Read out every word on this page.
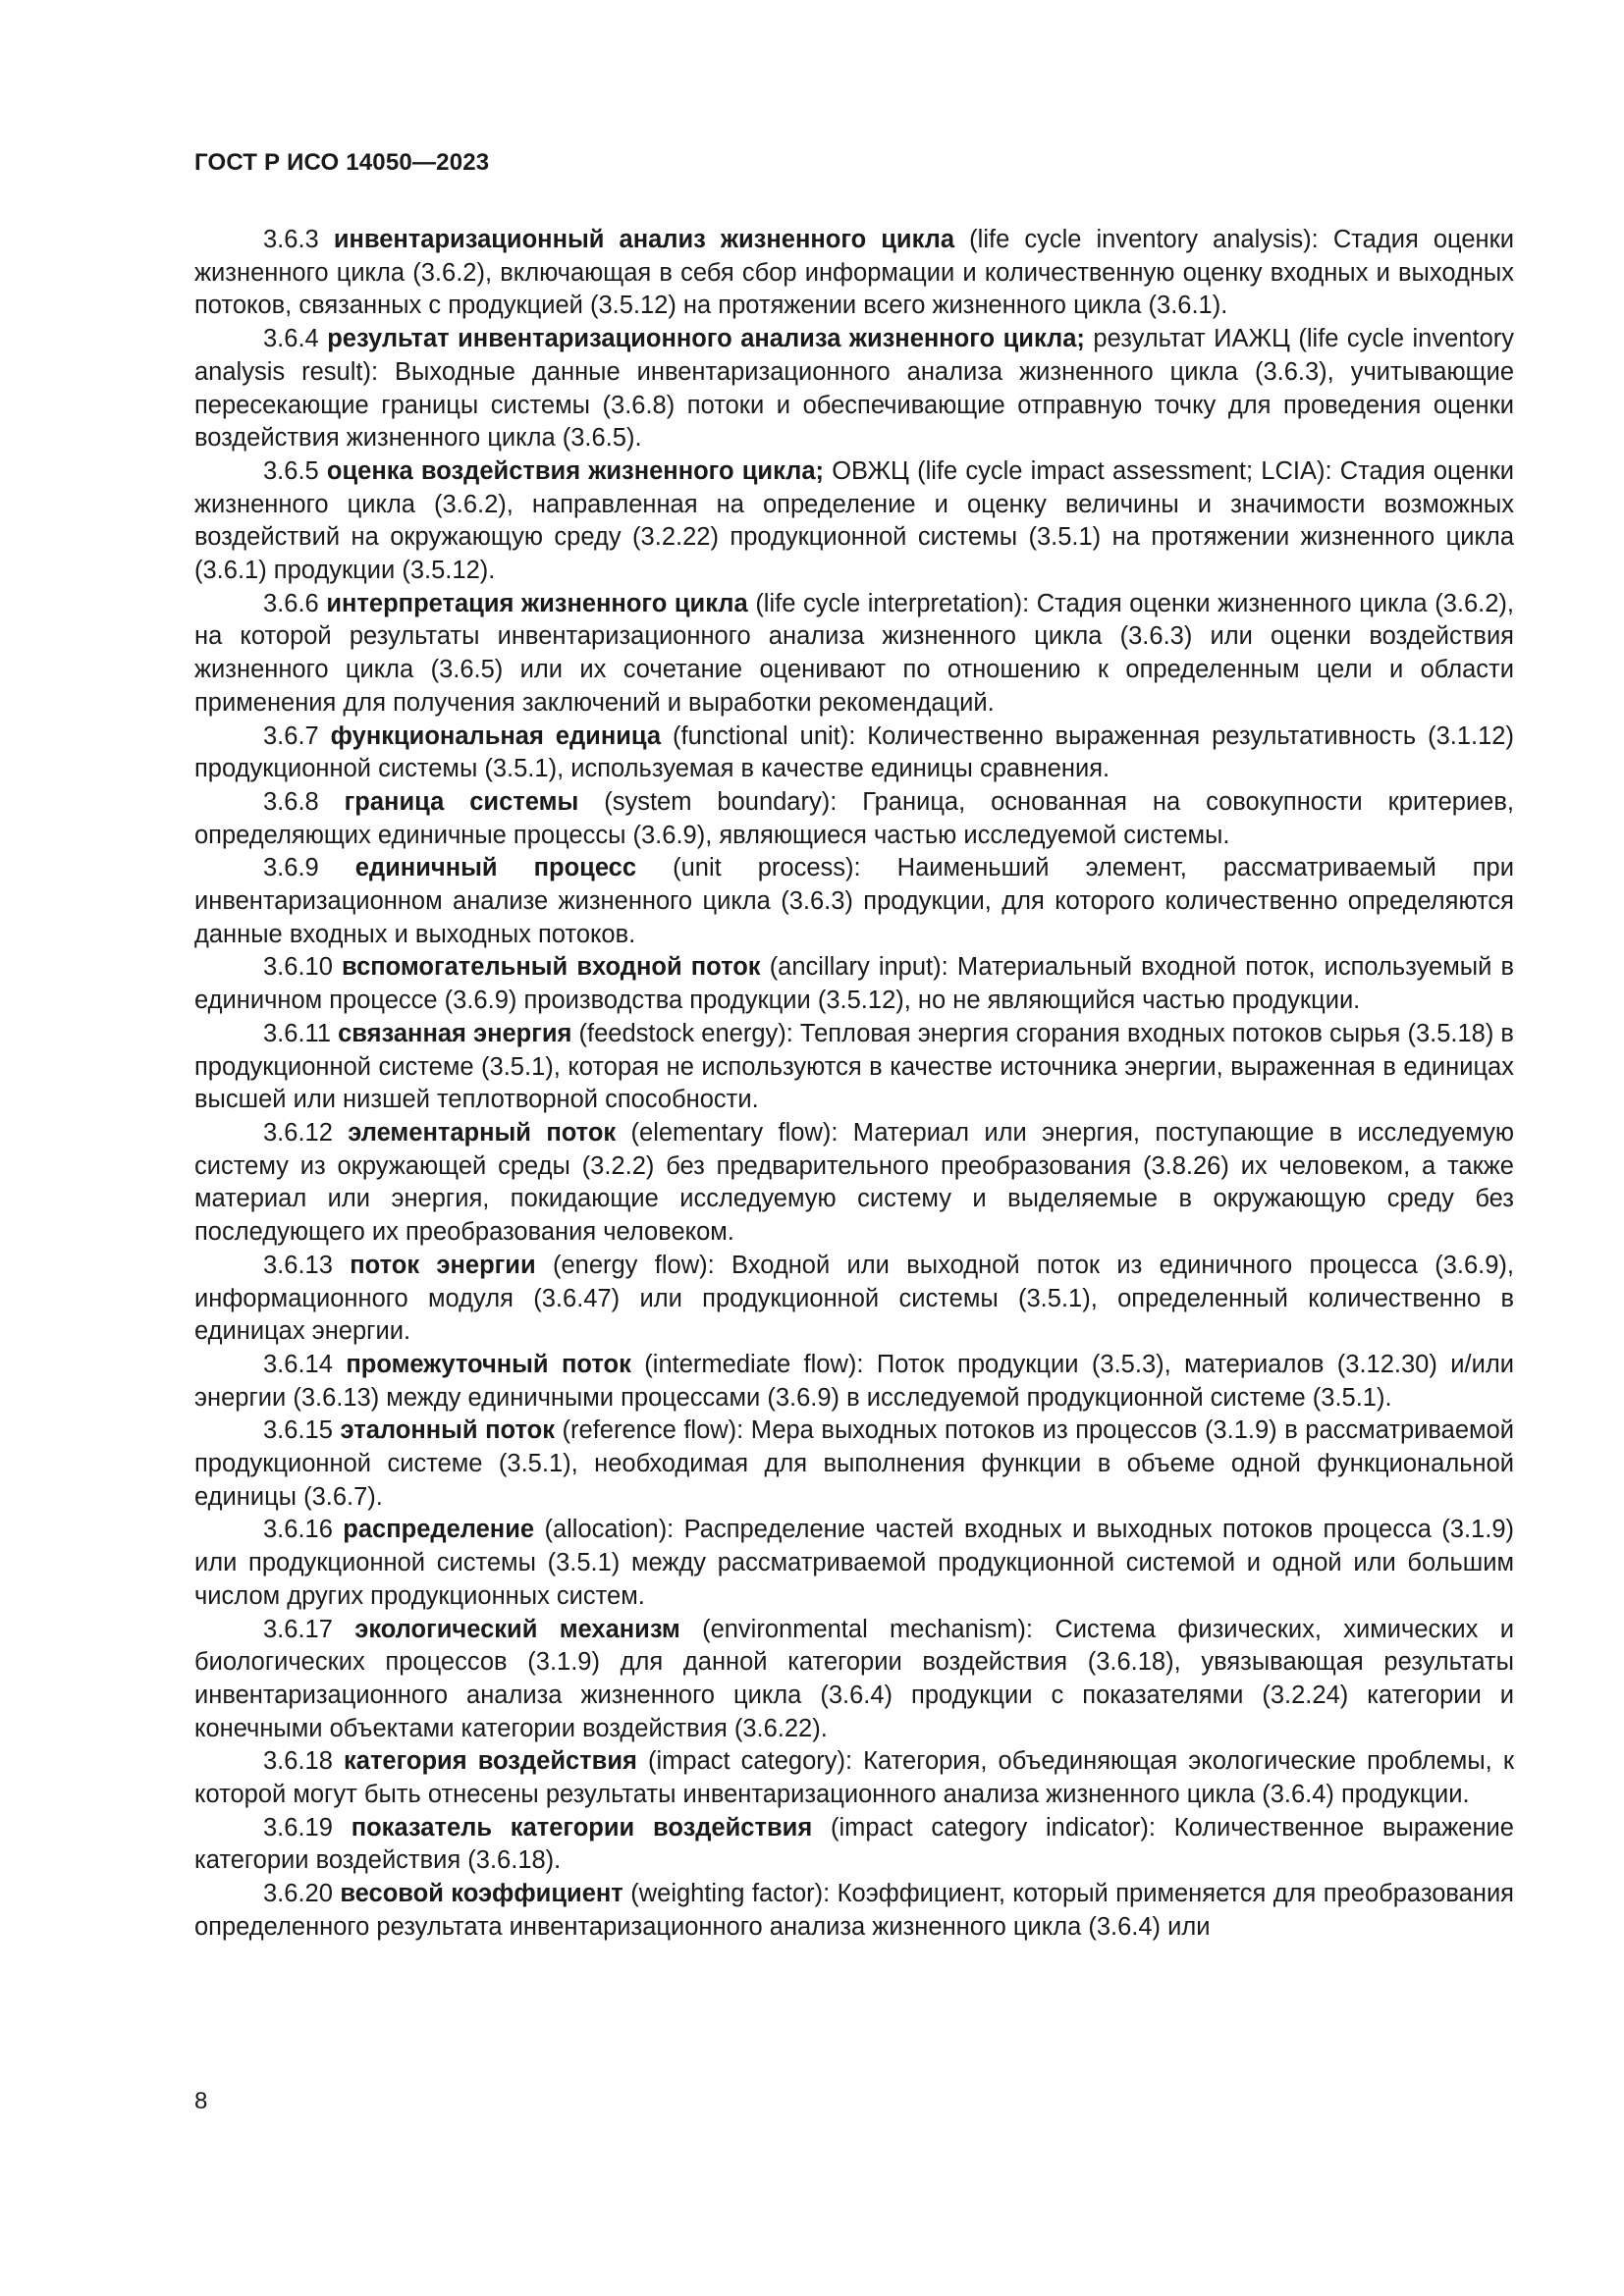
ГОСТ Р ИСО 14050—2023

3.6.3 инвентаризационный анализ жизненного цикла (life cycle inventory analysis): Стадия оценки жизненного цикла (3.6.2), включающая в себя сбор информации и количественную оценку входных и выходных потоков, связанных с продукцией (3.5.12) на протяжении всего жизненного цикла (3.6.1).

3.6.4 результат инвентаризационного анализа жизненного цикла; результат ИАЖЦ (life cycle inventory analysis result): Выходные данные инвентаризационного анализа жизненного цикла (3.6.3), учитывающие пересекающие границы системы (3.6.8) потоки и обеспечивающие отправную точку для проведения оценки воздействия жизненного цикла (3.6.5).

3.6.5 оценка воздействия жизненного цикла; ОВЖЦ (life cycle impact assessment; LCIA): Стадия оценки жизненного цикла (3.6.2), направленная на определение и оценку величины и значимости возможных воздействий на окружающую среду (3.2.22) продукционной системы (3.5.1) на протяжении жизненного цикла (3.6.1) продукции (3.5.12).

3.6.6 интерпретация жизненного цикла (life cycle interpretation): Стадия оценки жизненного цикла (3.6.2), на которой результаты инвентаризационного анализа жизненного цикла (3.6.3) или оценки воздействия жизненного цикла (3.6.5) или их сочетание оценивают по отношению к определенным цели и области применения для получения заключений и выработки рекомендаций.

3.6.7 функциональная единица (functional unit): Количественно выраженная результативность (3.1.12) продукционной системы (3.5.1), используемая в качестве единицы сравнения.

3.6.8 граница системы (system boundary): Граница, основанная на совокупности критериев, определяющих единичные процессы (3.6.9), являющиеся частью исследуемой системы.

3.6.9 единичный процесс (unit process): Наименьший элемент, рассматриваемый при инвентаризационном анализе жизненного цикла (3.6.3) продукции, для которого количественно определяются данные входных и выходных потоков.

3.6.10 вспомогательный входной поток (ancillary input): Материальный входной поток, используемый в единичном процессе (3.6.9) производства продукции (3.5.12), но не являющийся частью продукции.

3.6.11 связанная энергия (feedstock energy): Тепловая энергия сгорания входных потоков сырья (3.5.18) в продукционной системе (3.5.1), которая не используются в качестве источника энергии, выраженная в единицах высшей или низшей теплотворной способности.

3.6.12 элементарный поток (elementary flow): Материал или энергия, поступающие в исследуемую систему из окружающей среды (3.2.2) без предварительного преобразования (3.8.26) их человеком, а также материал или энергия, покидающие исследуемую систему и выделяемые в окружающую среду без последующего их преобразования человеком.

3.6.13 поток энергии (energy flow): Входной или выходной поток из единичного процесса (3.6.9), информационного модуля (3.6.47) или продукционной системы (3.5.1), определенный количественно в единицах энергии.

3.6.14 промежуточный поток (intermediate flow): Поток продукции (3.5.3), материалов (3.12.30) и/или энергии (3.6.13) между единичными процессами (3.6.9) в исследуемой продукционной системе (3.5.1).

3.6.15 эталонный поток (reference flow): Мера выходных потоков из процессов (3.1.9) в рассматриваемой продукционной системе (3.5.1), необходимая для выполнения функции в объеме одной функциональной единицы (3.6.7).

3.6.16 распределение (allocation): Распределение частей входных и выходных потоков процесса (3.1.9) или продукционной системы (3.5.1) между рассматриваемой продукционной системой и одной или большим числом других продукционных систем.

3.6.17 экологический механизм (environmental mechanism): Система физических, химических и биологических процессов (3.1.9) для данной категории воздействия (3.6.18), увязывающая результаты инвентаризационного анализа жизненного цикла (3.6.4) продукции с показателями (3.2.24) категории и конечными объектами категории воздействия (3.6.22).

3.6.18 категория воздействия (impact category): Категория, объединяющая экологические проблемы, к которой могут быть отнесены результаты инвентаризационного анализа жизненного цикла (3.6.4) продукции.

3.6.19 показатель категории воздействия (impact category indicator): Количественное выражение категории воздействия (3.6.18).

3.6.20 весовой коэффициент (weighting factor): Коэффициент, который применяется для преобразования определенного результата инвентаризационного анализа жизненного цикла (3.6.4) или

8
